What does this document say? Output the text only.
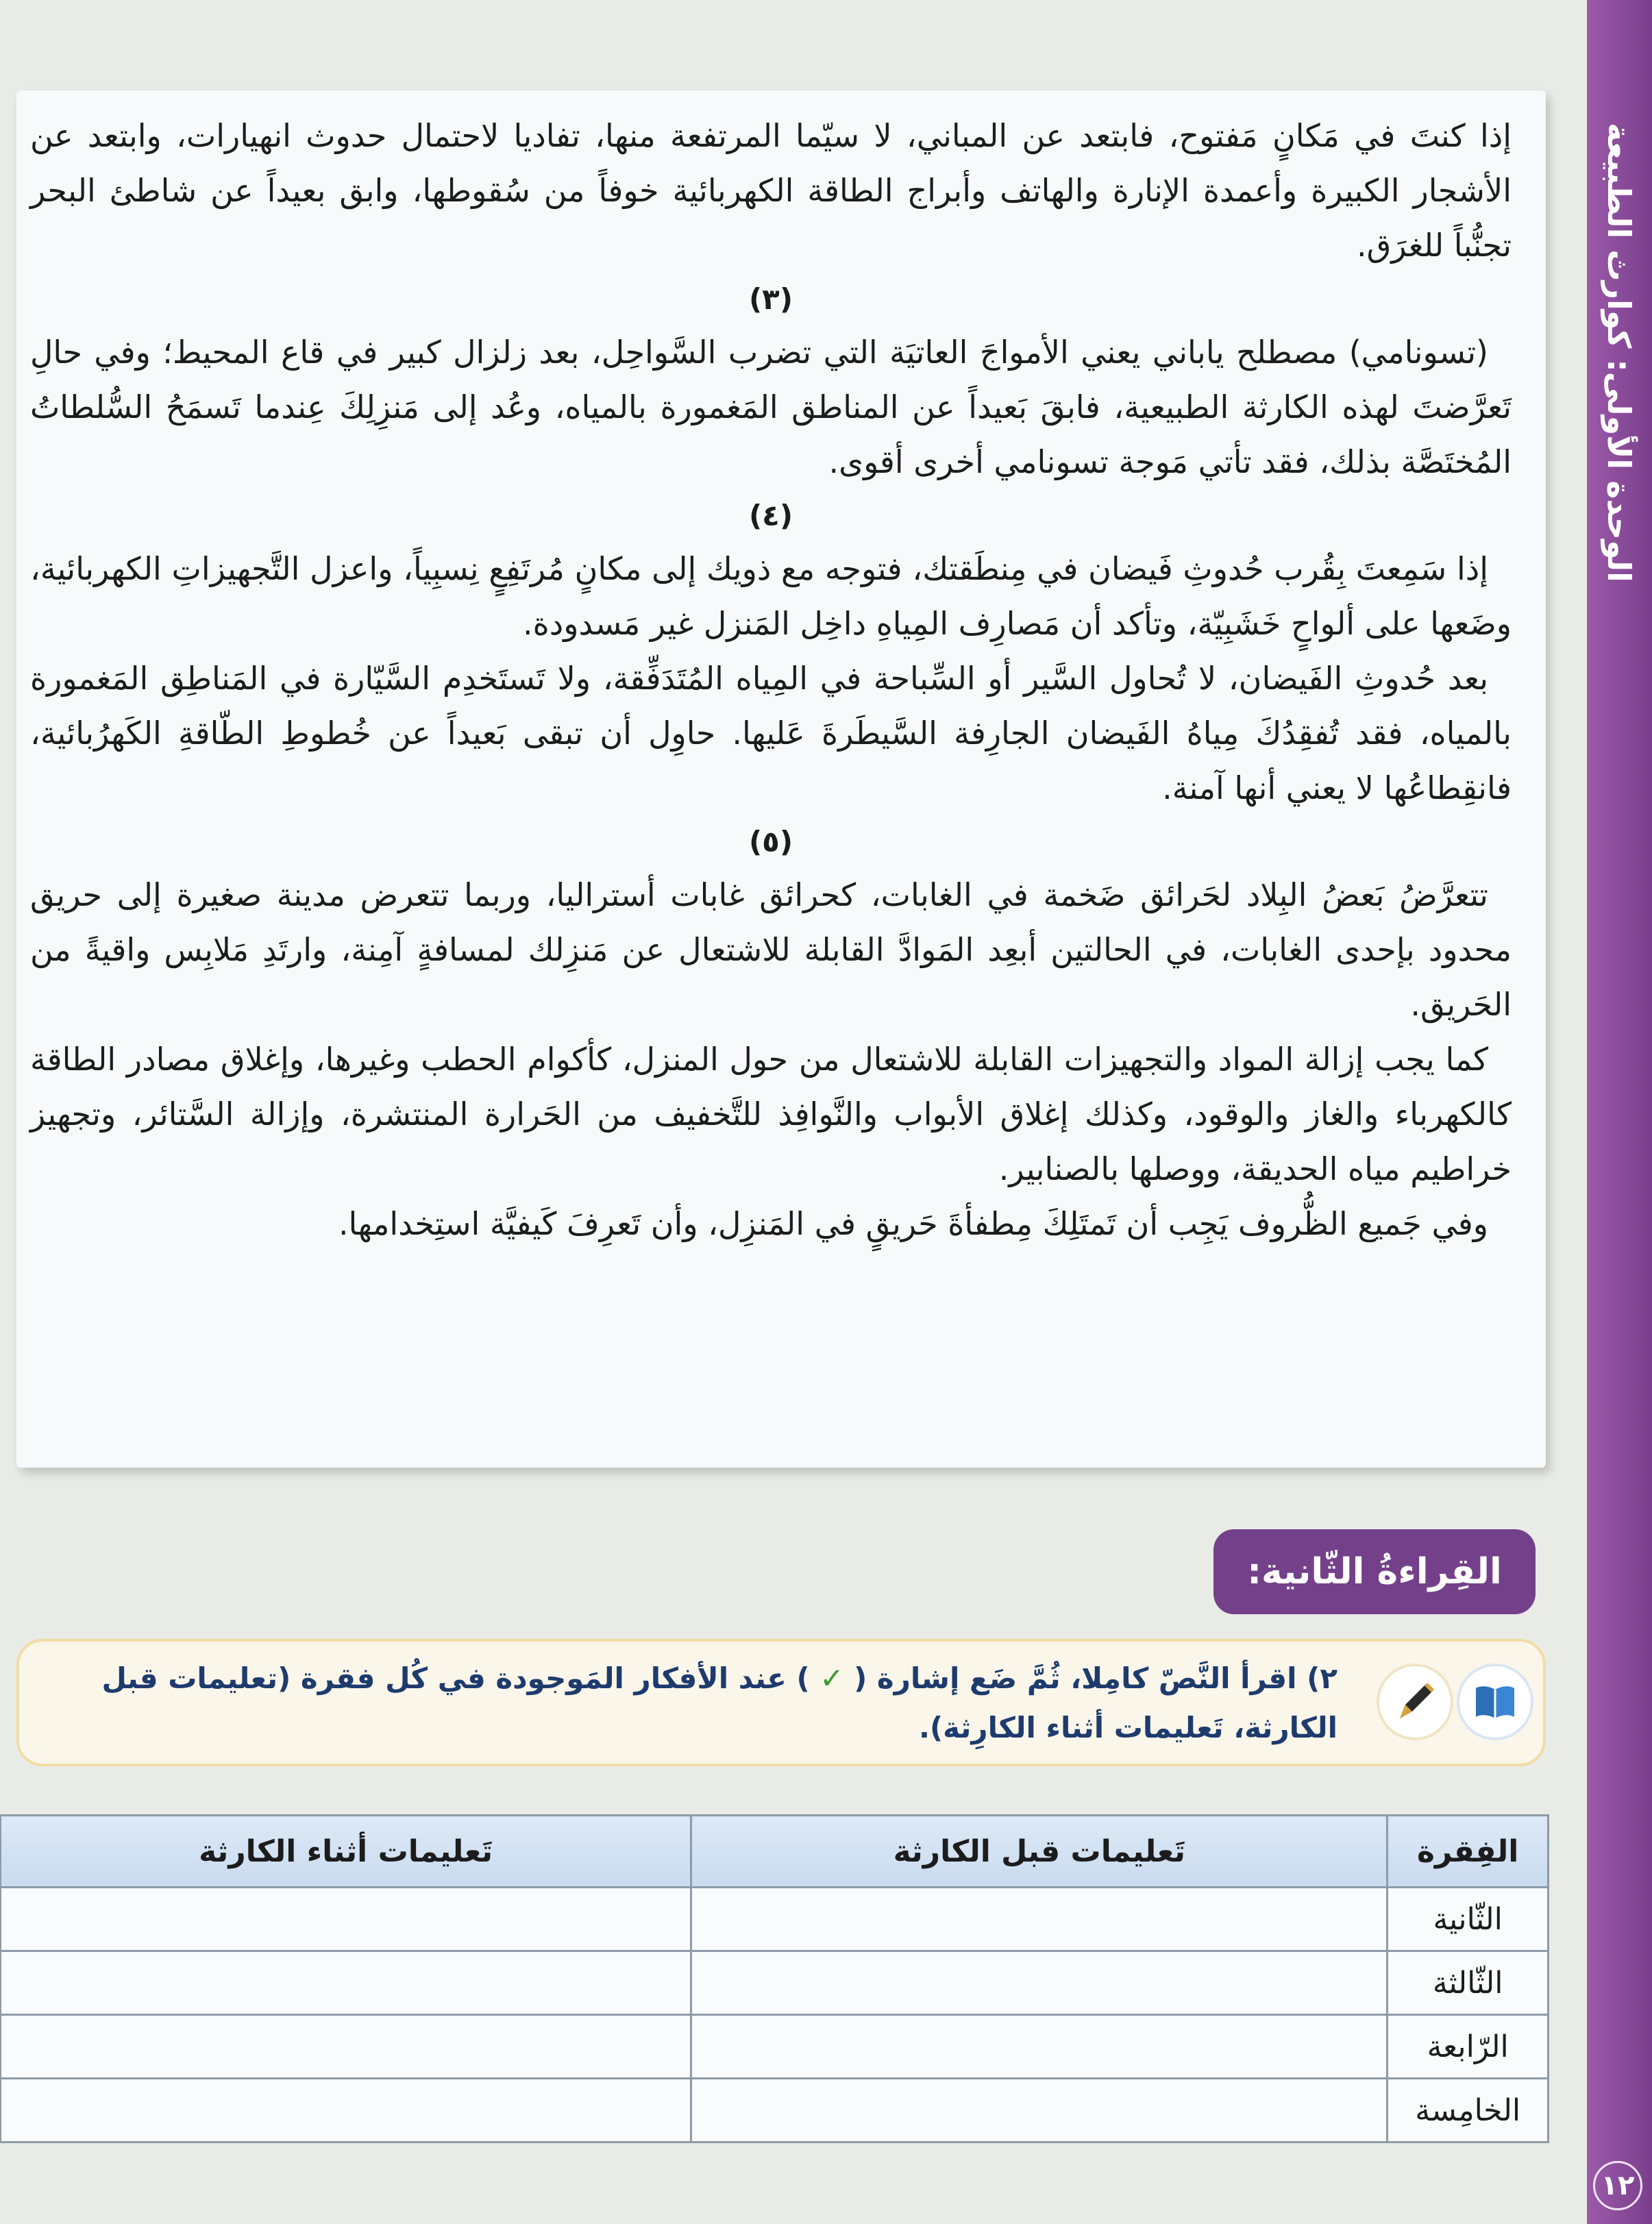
الوحدة الأولى: كوارث الطبيعة
١٢

إذا كنتَ في مَكانٍ مَفتوح، فابتعد عن المباني، لا سيّما المرتفعة منها، تفاديا لاحتمال حدوث انهيارات، وابتعد عن الأشجار الكبيرة وأعمدة الإنارة والهاتف وأبراج الطاقة الكهربائية خوفاً من سُقوطها، وابق بعيداً عن شاطئ البحر تجنُّباً للغرَق.

(٣)

(تسونامي) مصطلح ياباني يعني الأمواجَ العاتيَة التي تضرب السَّواحِل، بعد زلزال كبير في قاع المحيط؛ وفي حالِ تَعرَّضتَ لهذه الكارثة الطبيعية، فابقَ بَعيداً عن المناطق المَغمورة بالمياه، وعُد إلى مَنزِلِكَ عِندما تَسمَحُ السُّلطاتُ المُختَصَّة بذلك، فقد تأتي مَوجة تسونامي أخرى أقوى.

(٤)

إذا سَمِعتَ بِقُرب حُدوثِ فَيضان في مِنطَقتك، فتوجه مع ذويك إلى مكانٍ مُرتَفِعٍ نِسبِياً، واعزل التَّجهيزاتِ الكهربائية، وضَعها على ألواحٍ خَشَبِيّة، وتأكد أن مَصارِف المِياهِ داخِل المَنزل غير مَسدودة.

بعد حُدوثِ الفَيضان، لا تُحاول السَّير أو السِّباحة في المِياه المُتَدَفِّقة، ولا تَستَخدِم السَّيّارة في المَناطِق المَغمورة بالمياه، فقد تُفقِدُكَ مِياهُ الفَيضان الجارِفة السَّيطَرةَ عَليها. حاوِل أن تبقى بَعيداً عن خُطوطِ الطّاقةِ الكَهرُبائية، فانقِطاعُها لا يعني أنها آمنة.

(٥)

تتعرَّضُ بَعضُ البِلاد لحَرائق ضَخمة في الغابات، كحرائق غابات أستراليا، وربما تتعرض مدينة صغيرة إلى حريق محدود بإحدى الغابات، في الحالتين أبعِد المَوادَّ القابلة للاشتعال عن مَنزِلك لمسافةٍ آمِنة، وارتَدِ مَلابِس واقيةً من الحَريق.

كما يجب إزالة المواد والتجهيزات القابلة للاشتعال من حول المنزل، كأكوام الحطب وغيرها، وإغلاق مصادر الطاقة كالكهرباء والغاز والوقود، وكذلك إغلاق الأبواب والنَّوافِذ للتَّخفيف من الحَرارة المنتشرة، وإزالة السَّتائر، وتجهيز خراطيم مياه الحديقة، ووصلها بالصنابير.

وفي جَميع الظُّروف يَجِب أن تَمتَلِكَ مِطفأةَ حَريقٍ في المَنزِل، وأن تَعرِفَ كَيفيَّة استِخدامها.

القِراءةُ الثّانية:
٢) اقرأ النَّصّ كامِلا، ثُمَّ ضَع إشارة ( ✓ ) عند الأفكار المَوجودة في كُل فقرة (تعليمات قبل الكارثة، تَعليمات أثناء الكارِثة).
الفِقرة	تَعليمات قبل الكارثة	تَعليمات أثناء الكارثة
الثّانية		
الثّالثة		
الرّابعة		
الخامِسة		
